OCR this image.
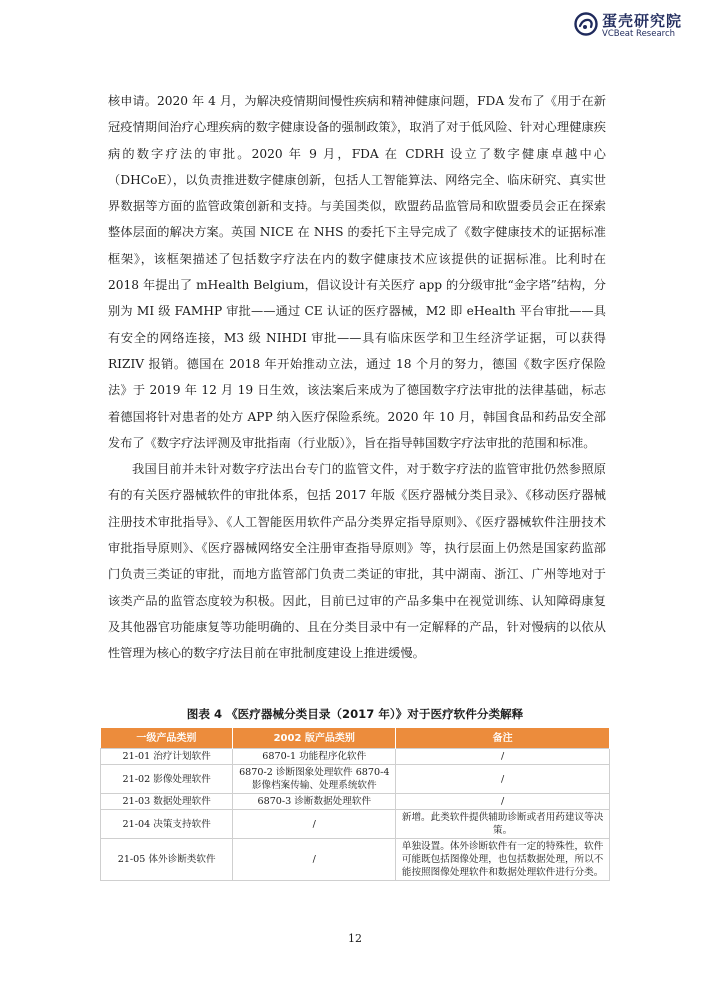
蛋壳研究院
VCBeat Research

核申请。2020 年 4 月，为解决疫情期间慢性疾病和精神健康问题，FDA 发布了《用于在新冠疫情期间治疗心理疾病的数字健康设备的强制政策》，取消了对于低风险、针对心理健康疾病的数字疗法的审批。2020 年 9 月，FDA 在 CDRH 设立了数字健康卓越中心（DHCoE），以负责推进数字健康创新，包括人工智能算法、网络完全、临床研究、真实世界数据等方面的监管政策创新和支持。与美国类似，欧盟药品监管局和欧盟委员会正在探索整体层面的解决方案。英国 NICE 在 NHS 的委托下主导完成了《数字健康技术的证据标准框架》，该框架描述了包括数字疗法在内的数字健康技术应该提供的证据标准。比利时在 2018 年提出了 mHealth Belgium，倡议设计有关医疗 app 的分级审批“金字塔”结构，分别为 MI 级 FAMHP 审批——通过 CE 认证的医疗器械，M2 即 eHealth 平台审批——具有安全的网络连接，M3 级 NIHDI 审批——具有临床医学和卫生经济学证据，可以获得 RIZIV 报销。德国在 2018 年开始推动立法，通过 18 个月的努力，德国《数字医疗保险法》于 2019 年 12 月 19 日生效，该法案后来成为了德国数字疗法审批的法律基础，标志着德国将针对患者的处方 APP 纳入医疗保险系统。2020 年 10 月，韩国食品和药品安全部发布了《数字疗法评测及审批指南（行业版）》，旨在指导韩国数字疗法审批的范围和标准。

我国目前并未针对数字疗法出台专门的监管文件，对于数字疗法的监管审批仍然参照原有的有关医疗器械软件的审批体系，包括 2017 年版《医疗器械分类目录》、《移动医疗器械注册技术审批指导》、《人工智能医用软件产品分类界定指导原则》、《医疗器械软件注册技术审批指导原则》、《医疗器械网络安全注册审查指导原则》等，执行层面上仍然是国家药监部门负责三类证的审批，而地方监管部门负责二类证的审批，其中湖南、浙江、广州等地对于该类产品的监管态度较为积极。因此，目前已过审的产品多集中在视觉训练、认知障碍康复及其他器官功能康复等功能明确的、且在分类目录中有一定解释的产品，针对慢病的以依从性管理为核心的数字疗法目前在审批制度建设上推进缓慢。

图表 4 《医疗器械分类目录（2017 年）》对于医疗软件分类解释
一级产品类别	2002 版产品类别	备注
21-01 治疗计划软件	6870-1 功能程序化软件	/
21-02 影像处理软件	6870-2 诊断图象处理软件 6870-4 影像档案传输、处理系统软件	/
21-03 数据处理软件	6870-3 诊断数据处理软件	/
21-04 决策支持软件	/	新增。此类软件提供辅助诊断或者用药建议等决策。
21-05 体外诊断类软件	/	单独设置。体外诊断软件有一定的特殊性，软件可能既包括图像处理，也包括数据处理，所以不能按照图像处理软件和数据处理软件进行分类。
12
